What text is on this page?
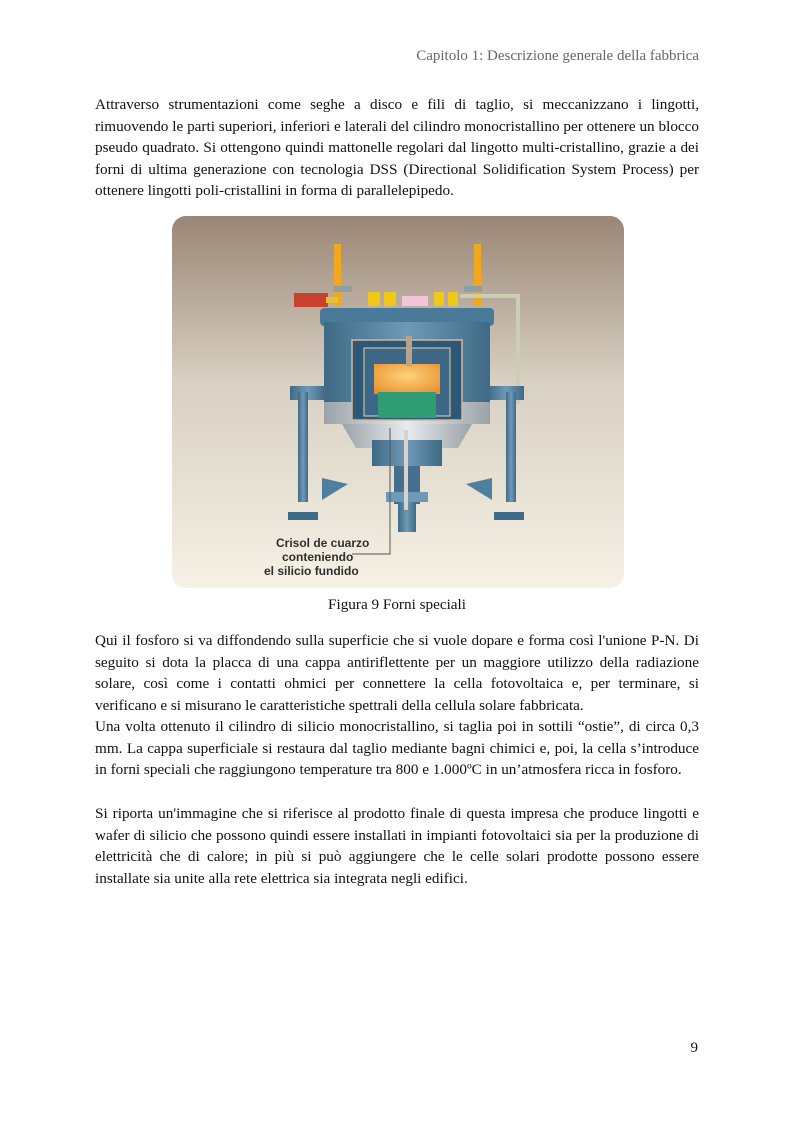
Capitolo 1: Descrizione generale della fabbrica

Attraverso strumentazioni come seghe a disco e fili di taglio, si meccanizzano i lingotti, rimuovendo le parti superiori, inferiori e laterali del cilindro monocristallino per ottenere un blocco pseudo quadrato. Si ottengono quindi mattonelle regolari dal lingotto multi-cristallino, grazie a dei forni di ultima generazione con tecnologia DSS (Directional Solidification System Process) per ottenere lingotti poli-cristallini in forma di parallelepipedo.

Crisol de cuarzo
conteniendo
el silicio fundido
Figura 9 Forni speciali

Qui il fosforo si va diffondendo sulla superficie che si vuole dopare e forma così l'unione P-N. Di seguito si dota la placca di una cappa antiriflettente per un maggiore utilizzo della radiazione solare, così come i contatti ohmici per connettere la cella fotovoltaica e, per terminare, si verificano e si misurano le caratteristiche spettrali della cellula solare fabbricata.

Una volta ottenuto il cilindro di silicio monocristallino, si taglia poi in sottili “ostie”, di circa 0,3 mm. La cappa superficiale si restaura dal taglio mediante bagni chimici e, poi, la cella s’introduce in forni speciali che raggiungono temperature tra 800 e 1.000ºC in un’atmosfera ricca in fosforo.

Si riporta un'immagine che si riferisce al prodotto finale di questa impresa che produce lingotti e wafer di silicio che possono quindi essere installati in impianti fotovoltaici sia per la produzione di elettricità che di calore; in più si può aggiungere che le celle solari prodotte possono essere installate sia unite alla rete elettrica sia integrata negli edifici.

9
